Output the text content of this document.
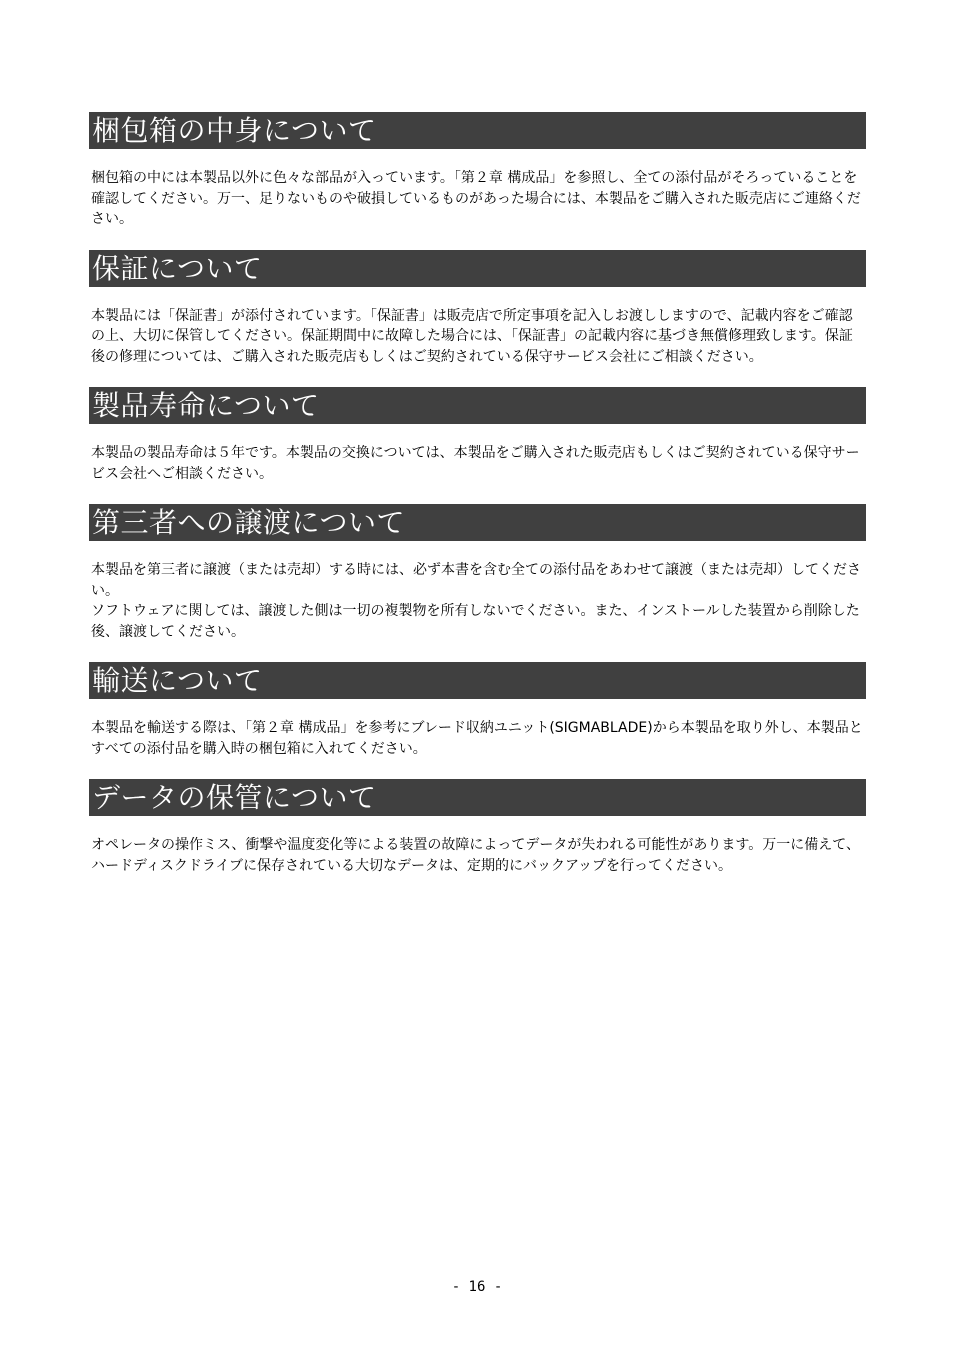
梱包箱の中身について
梱包箱の中には本製品以外に色々な部品が入っています。「第２章 構成品」を参照し、全ての添付品がそろっていることを確認してください。万一、足りないものや破損しているものがあった場合には、本製品をご購入された販売店にご連絡ください。
保証について
本製品には「保証書」が添付されています。「保証書」は販売店で所定事項を記入しお渡ししますので、記載内容をご確認の上、大切に保管してください。保証期間中に故障した場合には、「保証書」の記載内容に基づき無償修理致します。保証後の修理については、ご購入された販売店もしくはご契約されている保守サービス会社にご相談ください。
製品寿命について
本製品の製品寿命は５年です。本製品の交換については、本製品をご購入された販売店もしくはご契約されている保守サービス会社へご相談ください。
第三者への譲渡について
本製品を第三者に譲渡（または売却）する時には、必ず本書を含む全ての添付品をあわせて譲渡（または売却）してください。
ソフトウェアに関しては、譲渡した側は一切の複製物を所有しないでください。また、インストールした装置から削除した後、譲渡してください。
輸送について
本製品を輸送する際は、「第２章 構成品」を参考にブレード収納ユニット(SIGMABLADE)から本製品を取り外し、本製品とすべての添付品を購入時の梱包箱に入れてください。
データの保管について
オペレータの操作ミス、衝撃や温度変化等による装置の故障によってデータが失われる可能性があります。万一に備えて、ハードディスクドライブに保存されている大切なデータは、定期的にバックアップを行ってください。
- 16 -
